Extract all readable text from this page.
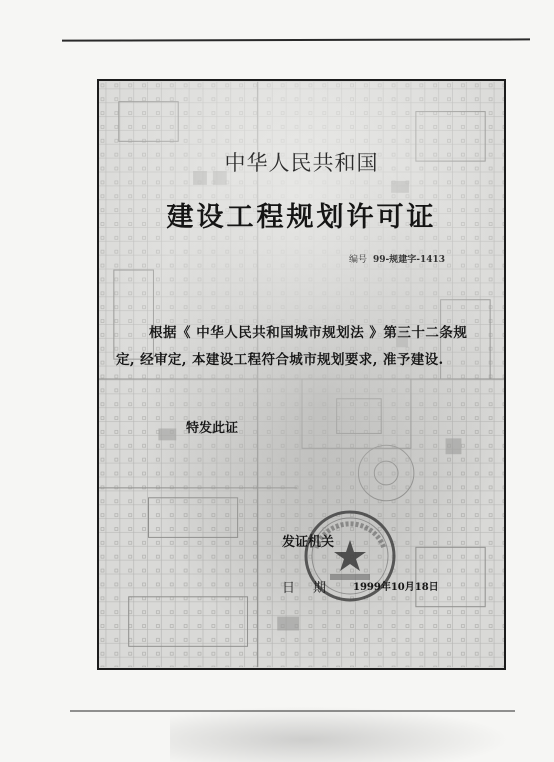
中华人民共和国
建设工程规划许可证
编号 99-规建字-1413
根据《 中华人民共和国城市规划法 》第三十二条规
定, 经审定, 本建设工程符合城市规划要求, 准予建设.
特发此证
发证机关
日期 1999年10月18日
